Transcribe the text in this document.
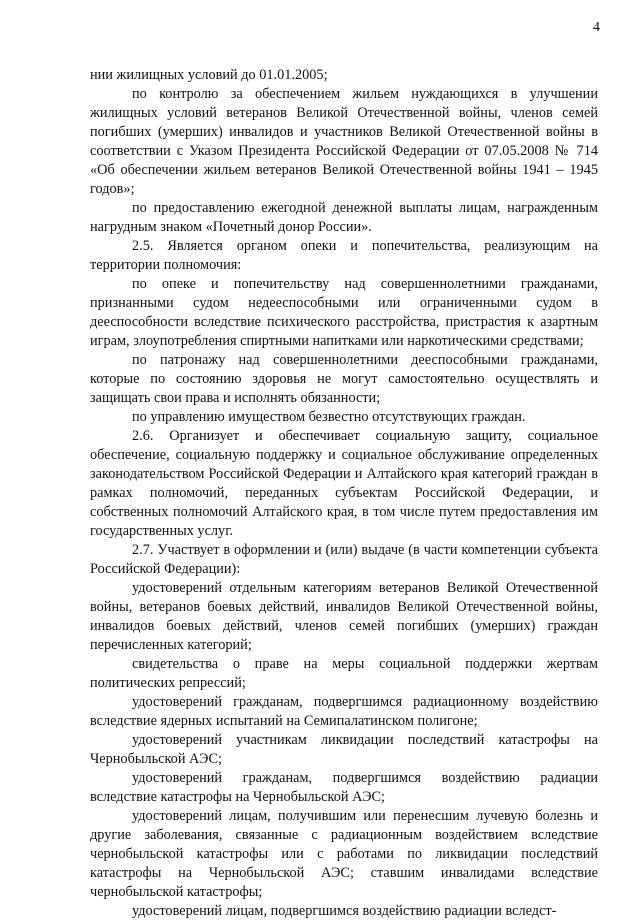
4

нии жилищных условий до 01.01.2005;

по контролю за обеспечением жильем нуждающихся в улучшении жилищных условий ветеранов Великой Отечественной войны, членов семей погибших (умерших) инвалидов и участников Великой Отечественной войны в соответствии с Указом Президента Российской Федерации от 07.05.2008 № 714 «Об обеспечении жильем ветеранов Великой Отечественной войны 1941 – 1945 годов»;

по предоставлению ежегодной денежной выплаты лицам, награжденным нагрудным знаком «Почетный донор России».

2.5. Является органом опеки и попечительства, реализующим на территории полномочия:

по опеке и попечительству над совершеннолетними гражданами, признанными судом недееспособными или ограниченными судом в дееспособности вследствие психического расстройства, пристрастия к азартным играм, злоупотребления спиртными напитками или наркотическими средствами;

по патронажу над совершеннолетними дееспособными гражданами, которые по состоянию здоровья не могут самостоятельно осуществлять и защищать свои права и исполнять обязанности;

по управлению имуществом безвестно отсутствующих граждан.

2.6. Организует и обеспечивает социальную защиту, социальное обеспечение, социальную поддержку и социальное обслуживание определенных законодательством Российской Федерации и Алтайского края категорий граждан в рамках полномочий, переданных субъектам Российской Федерации, и собственных полномочий Алтайского края, в том числе путем предоставления им государственных услуг.

2.7. Участвует в оформлении и (или) выдаче (в части компетенции субъекта Российской Федерации):

удостоверений отдельным категориям ветеранов Великой Отечественной войны, ветеранов боевых действий, инвалидов Великой Отечественной войны, инвалидов боевых действий, членов семей погибших (умерших) граждан перечисленных категорий;

свидетельства о праве на меры социальной поддержки жертвам политических репрессий;

удостоверений гражданам, подвергшимся радиационному воздействию вследствие ядерных испытаний на Семипалатинском полигоне;

удостоверений участникам ликвидации последствий катастрофы на Чернобыльской АЭС;

удостоверений гражданам, подвергшимся воздействию радиации вследствие катастрофы на Чернобыльской АЭС;

удостоверений лицам, получившим или перенесшим лучевую болезнь и другие заболевания, связанные с радиационным воздействием вследствие чернобыльской катастрофы или с работами по ликвидации последствий катастрофы на Чернобыльской АЭС; ставшим инвалидами вследствие чернобыльской катастрофы;

удостоверений лицам, подвергшимся воздействию радиации вследст-
